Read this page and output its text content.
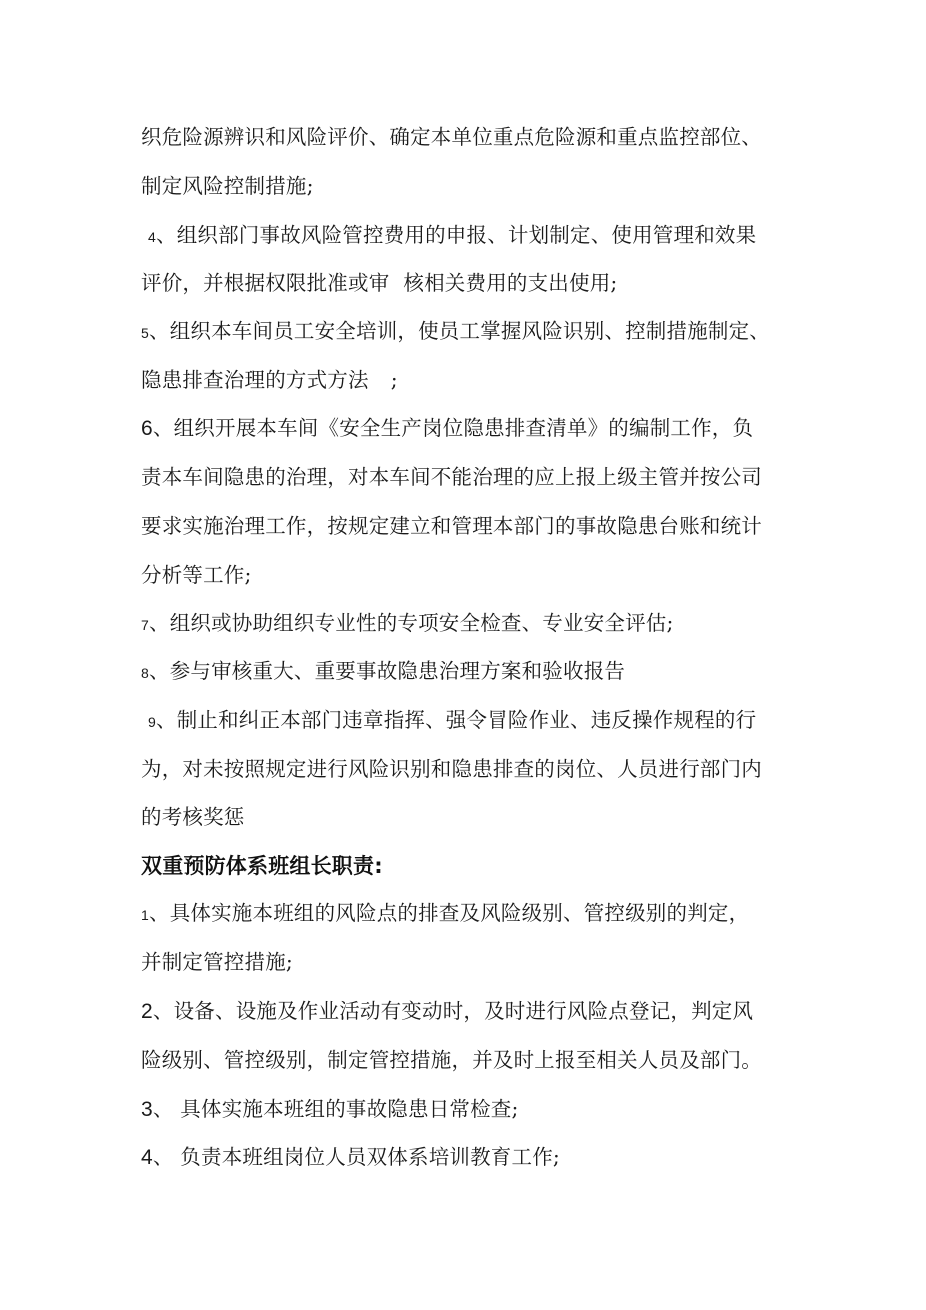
织危险源辨识和风险评价、确定本单位重点危险源和重点监控部位、
制定风险控制措施;
4、组织部门事故风险管控费用的申报、计划制定、使用管理和效果
评价，并根据权限批准或审 核相关费用的支出使用;
5、组织本车间员工安全培训，使员工掌握风险识别、控制措施制定、
隐患排查治理的方式方法 ;
6、组织开展本车间《安全生产岗位隐患排查清单》的编制工作，负
责本车间隐患的治理，对本车间不能治理的应上报上级主管并按公司
要求实施治理工作，按规定建立和管理本部门的事故隐患台账和统计
分析等工作;
7、组织或协助组织专业性的专项安全检查、专业安全评估;
8、参与审核重大、重要事故隐患治理方案和验收报告
9、制止和纠正本部门违章指挥、强令冒险作业、违反操作规程的行
为，对未按照规定进行风险识别和隐患排查的岗位、人员进行部门内
的考核奖惩
双重预防体系班组长职责:
1、具体实施本班组的风险点的排查及风险级别、管控级别的判定，
并制定管控措施;
2、设备、设施及作业活动有变动时，及时进行风险点登记，判定风
险级别、管控级别，制定管控措施，并及时上报至相关人员及部门。
3、 具体实施本班组的事故隐患日常检查;
4、 负责本班组岗位人员双体系培训教育工作;
